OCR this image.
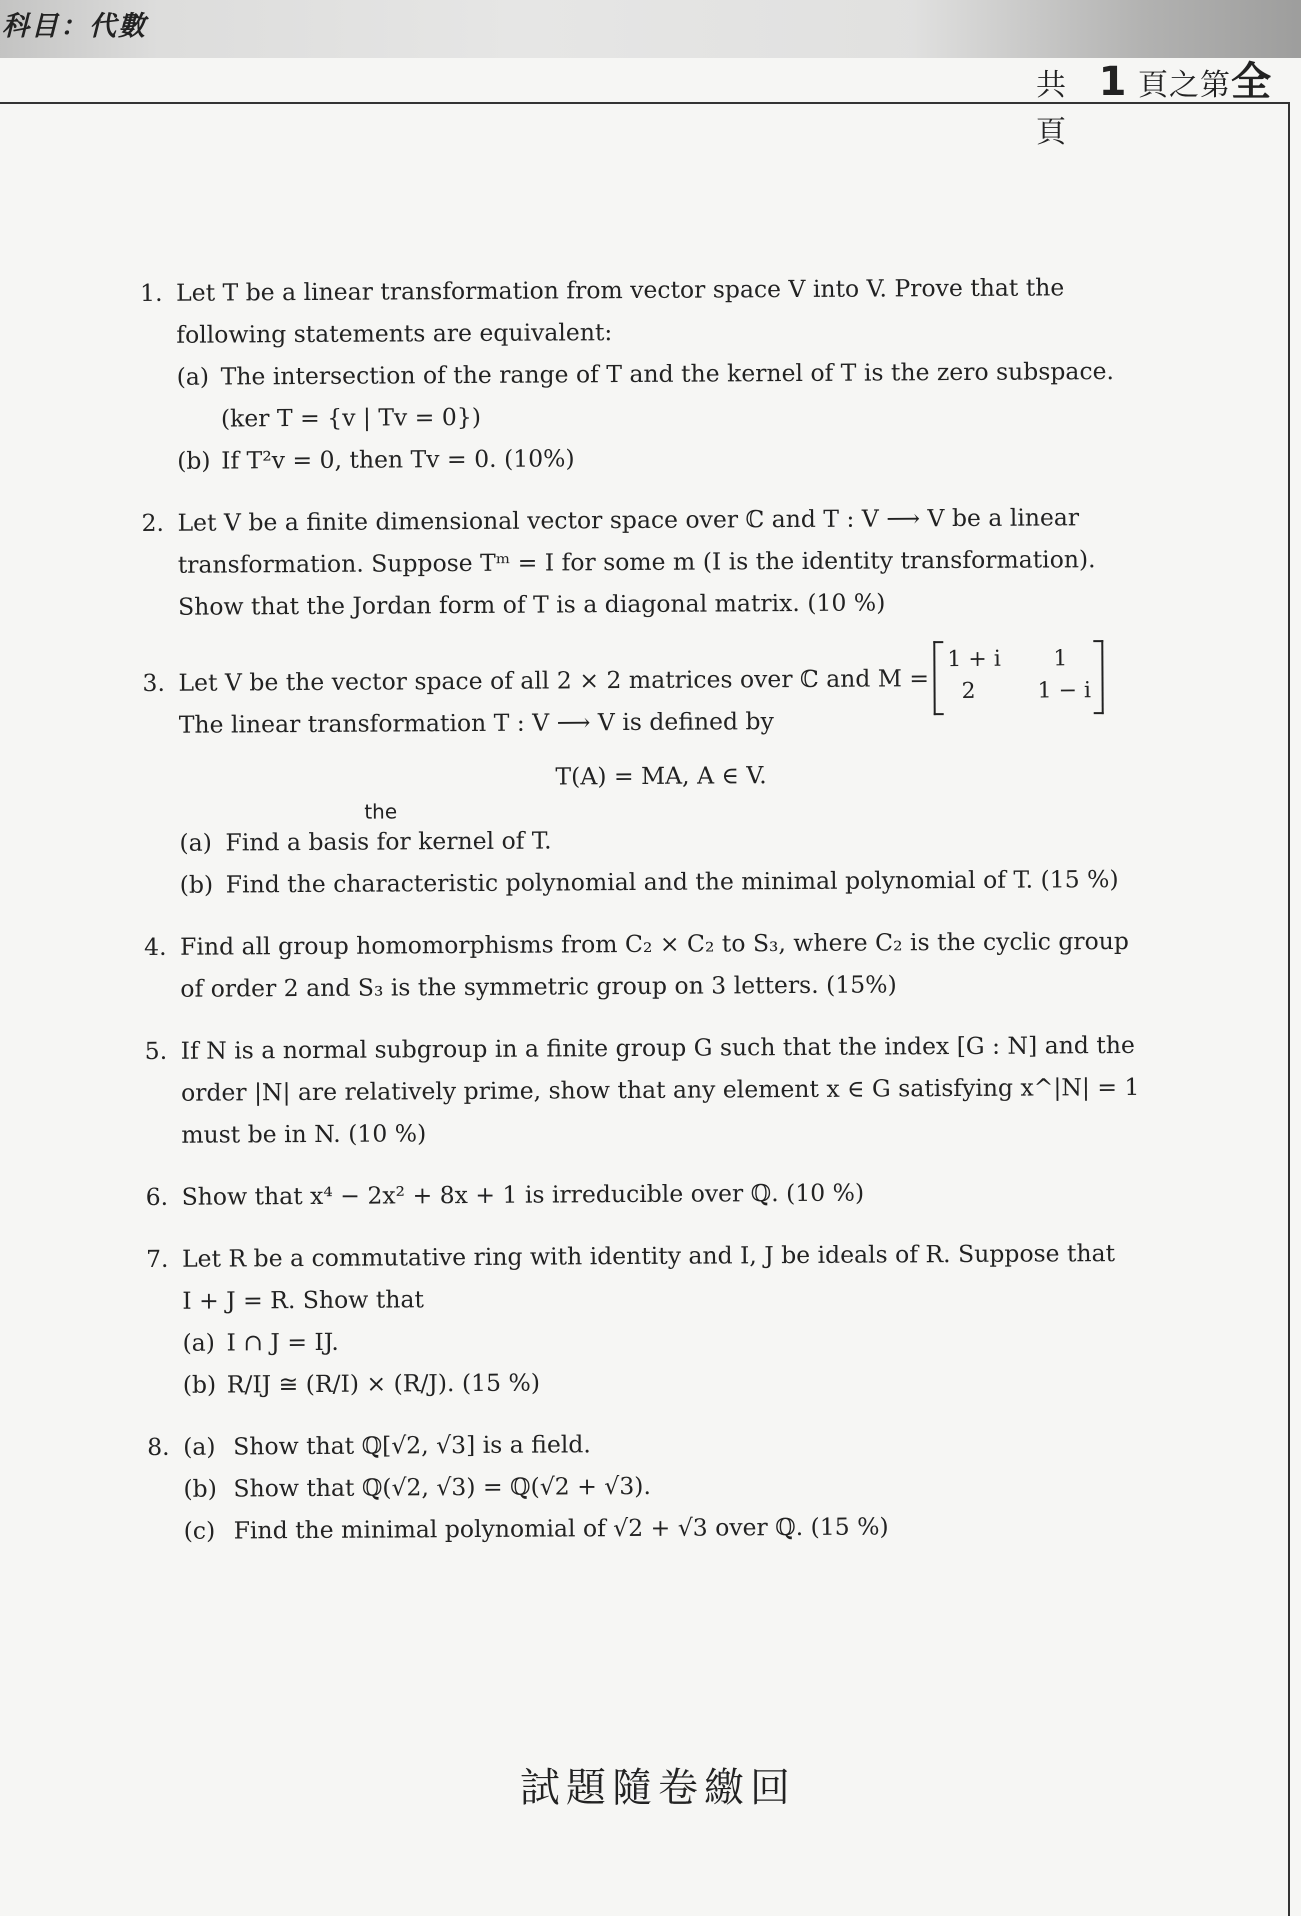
科目：代數
共 1 頁之第全 頁
1. Let T be a linear transformation from vector space V into V. Prove that the
following statements are equivalent:
(a) The intersection of the range of T and the kernel of T is the zero subspace.
(ker T = {v | Tv = 0})
(b) If T²v = 0, then Tv = 0. (10%)
2. Let V be a finite dimensional vector space over ℂ and T : V ⟶ V be a linear
transformation. Suppose Tᵐ = I for some m (I is the identity transformation).
Show that the Jordan form of T is a diagonal matrix. (10 %)
3. Let V be the vector space of all 2 × 2 matrices over ℂ and M =
1 + i 1
2	1 − i
The linear transformation T : V ⟶ V is defined by
T(A) = MA, A ∈ V.
the
(a) Find a basis for kernel of T.
(b) Find the characteristic polynomial and the minimal polynomial of T. (15 %)
4. Find all group homomorphisms from C₂ × C₂ to S₃, where C₂ is the cyclic group
of order 2 and S₃ is the symmetric group on 3 letters. (15%)
5. If N is a normal subgroup in a finite group G such that the index [G : N] and the
order |N| are relatively prime, show that any element x ∈ G satisfying x^|N| = 1
must be in N. (10 %)
6. Show that x⁴ − 2x² + 8x + 1 is irreducible over ℚ. (10 %)
7. Let R be a commutative ring with identity and I, J be ideals of R. Suppose that
I + J = R. Show that
(a) I ∩ J = IJ.
(b) R/IJ ≅ (R/I) × (R/J). (15 %)
8. (a) Show that ℚ[√2, √3] is a field.
(b) Show that ℚ(√2, √3) = ℚ(√2 + √3).
(c) Find the minimal polynomial of √2 + √3 over ℚ. (15 %)
試題隨卷繳回
